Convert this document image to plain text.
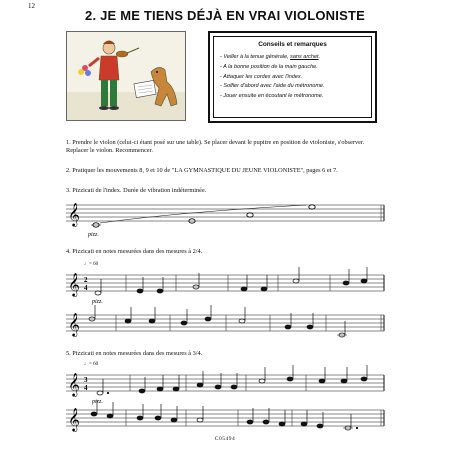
12
2. JE ME TIENS DÉJÀ EN VRAI VIOLONISTE
Conseils et remarques
- Veiller à la tenue générale, sans archet.
- A la bonne position de la main gauche.
- Attaquer les cordes avec l'index.
- Solfier d'abord avec l'aide du métronome.
- Jouer ensuite en écoutant le métronome.
1. Prendre le violon (celui-ci étant posé sur une table). Se placer devant le pupitre en position de violoniste, s'observer. Replacer le violon. Recommencer.
2. Pratiquer les mouvements 8, 9 et 10 de "LA GYMNASTIQUE DU JEUNE VIOLONISTE", pages 6 et 7.
3. Pizzicati de l'index. Durée de vibration indéterminée.
4. Pizzicati en notes mesurées dans des mesures à 2/4.
5. Pizzicati en notes mesurées dans des mesures à 3/4.
♩= 60
♩= 60
𝄞
pizz.
𝄞 2
4
pizz.
𝄞
𝄞 3
4
pizz.
𝄞
C05494
